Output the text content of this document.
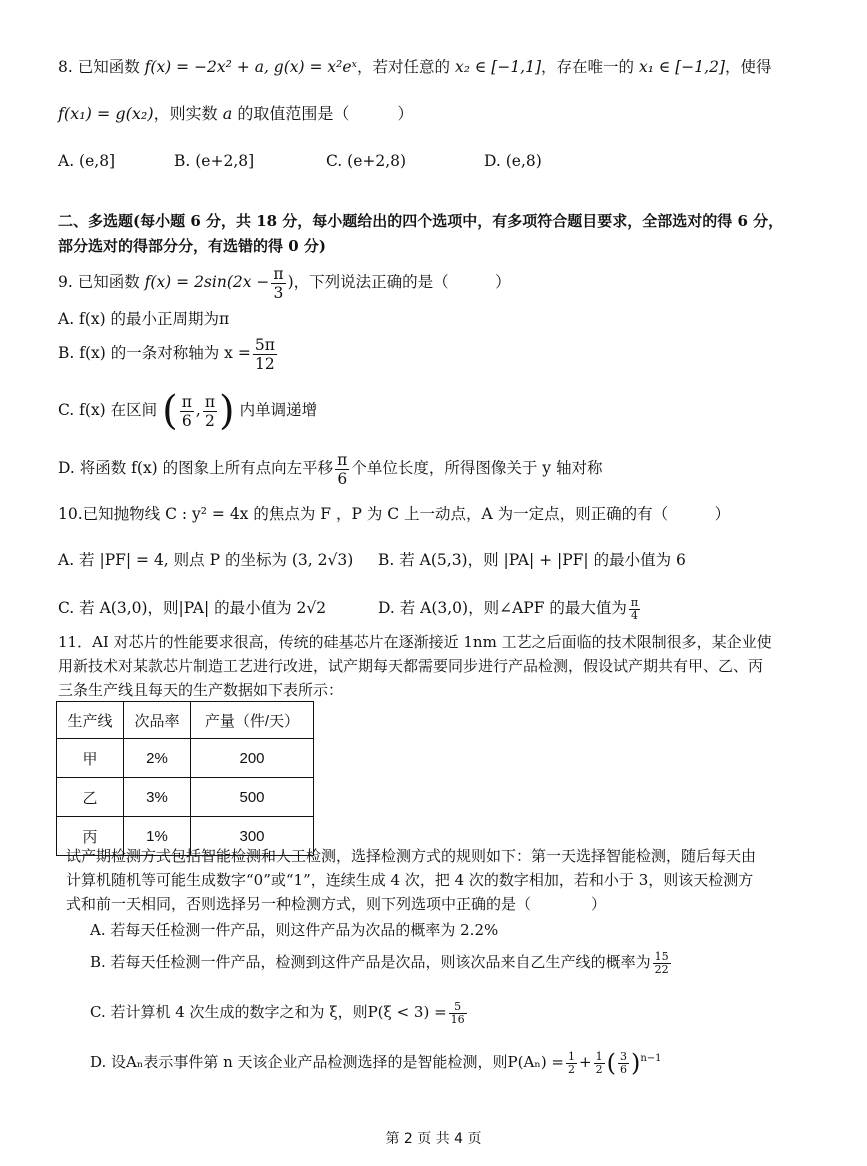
8. 已知函数 f(x) = −2x² + a, g(x) = x²eˣ，若对任意的 x₂ ∈ [−1,1]，存在唯一的 x₁ ∈ [−1,2]，使得
f(x₁) = g(x₂)，则实数 a 的取值范围是（　　　）
A. (e,8]	B. (e+2,8]	C. (e+2,8)	D. (e,8)
二、多选题(每小题 6 分，共 18 分，每小题给出的四个选项中，有多项符合题目要求，全部选对的得 6 分，
部分选对的得部分分，有选错的得 0 分)
9. 已知函数 $f(x) = 2\sin(2x - \frac{\pi}{3}$ )，下列说法正确的是（　　　）
A. f(x) 的最小正周期为π
B. f(x) 的一条对称轴为 $x = \frac{5\pi}{12}$
C. f(x) 在区间 ( $\frac{\pi}{6}$ , $\frac{\pi}{2}$ ) 内单调递增
D. 将函数 f(x) 的图象上所有点向左平移 $\frac{\pi}{6}$ 个单位长度，所得图像关于 y 轴对称
10.已知抛物线 C : y² = 4x 的焦点为 F ，P 为 C 上一动点，A 为一定点，则正确的有（　　　）
A. 若 |PF| = 4, 则点 P 的坐标为 (3, 2√3) B. 若 A(5,3)，则 |PA| + |PF| 的最小值为 6
C. 若 A(3,0)，则|PA| 的最小值为 2√2	D. 若 A(3,0)，则∠APF 的最大值为 $\frac{\pi}{4}$
11．AI 对芯片的性能要求很高，传统的硅基芯片在逐渐接近 1nm 工艺之后面临的技术限制很多，某企业使
用新技术对某款芯片制造工艺进行改进，试产期每天都需要同步进行产品检测，假设试产期共有甲、乙、丙
三条生产线且每天的生产数据如下表所示：
生产线	次品率	产量（件/天）
甲	2%	200
乙	3%	500
丙	1%	300
试产期检测方式包括智能检测和人工检测，选择检测方式的规则如下：第一天选择智能检测，随后每天由
计算机随机等可能生成数字“0”或“1”，连续生成 4 次，把 4 次的数字相加，若和小于 3，则该天检测方
式和前一天相同，否则选择另一种检测方式，则下列选项中正确的是（　　　　）
A. 若每天任检测一件产品，则这件产品为次品的概率为 2.2%
B. 若每天任检测一件产品，检测到这件产品是次品，则该次品来自乙生产线的概率为 $\frac{15}{22}$
C. 若计算机 4 次生成的数字之和为 ξ，则$P(\xi < 3) = \frac{5}{16}$
D. 设Aₙ表示事件第 n 天该企业产品检测选择的是智能检测，则$P(A_n) = \frac{1}{2} + \frac{1}{2}$ ( $\frac{3}{6} )^{n-1}$
第 2 页 共 4 页
